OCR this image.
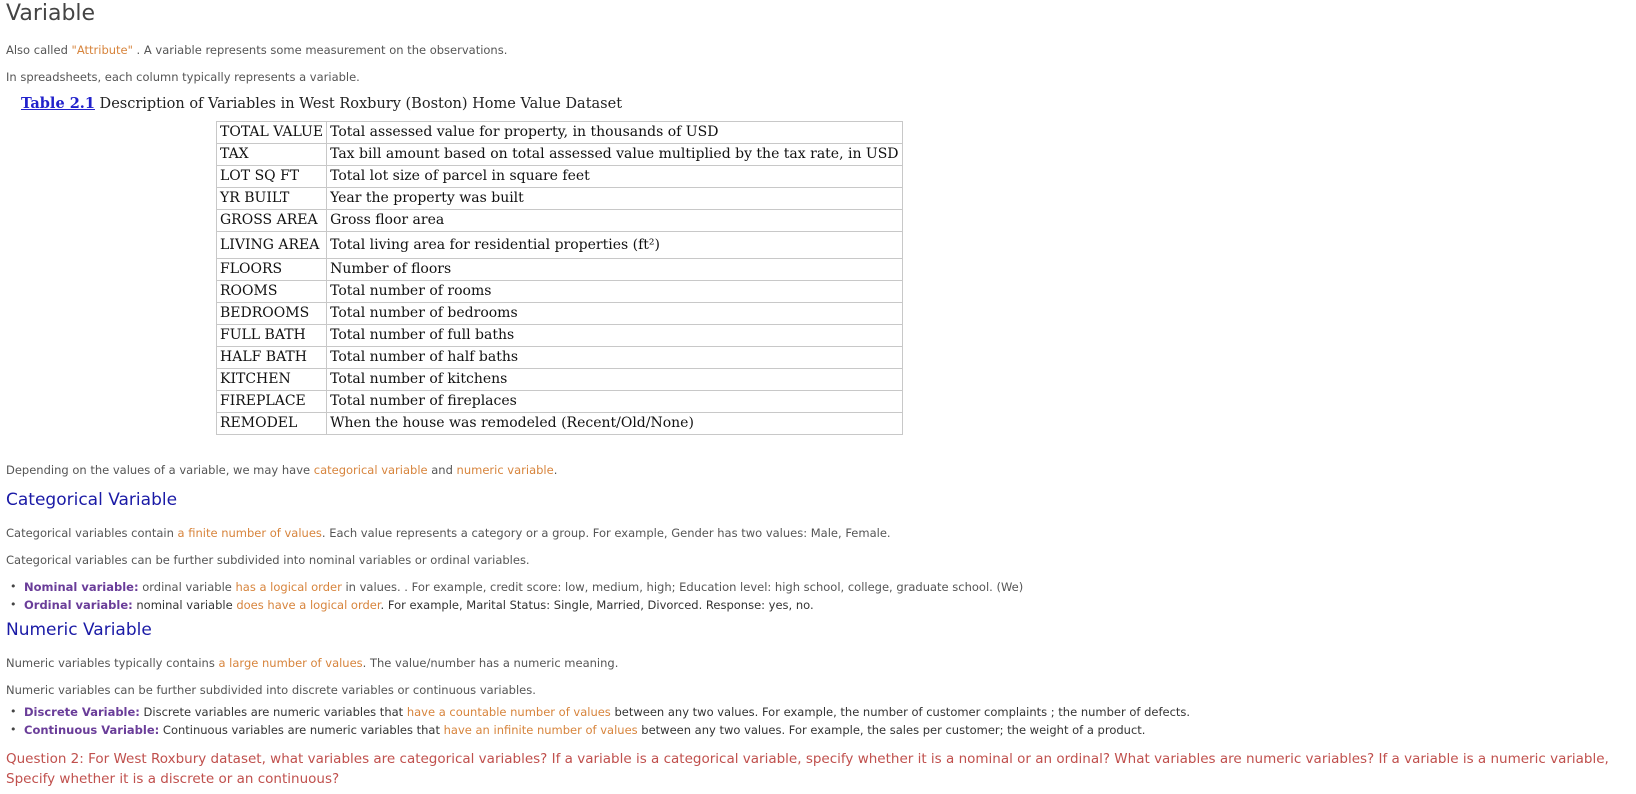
Variable
Also called "Attribute" . A variable represents some measurement on the observations.
In spreadsheets, each column typically represents a variable.
Table 2.1 Description of Variables in West Roxbury (Boston) Home Value Dataset
TOTAL VALUE	Total assessed value for property, in thousands of USD
TAX	Tax bill amount based on total assessed value multiplied by the tax rate, in USD
LOT SQ FT	Total lot size of parcel in square feet
YR BUILT	Year the property was built
GROSS AREA	Gross floor area
LIVING AREA	Total living area for residential properties (ft²)
FLOORS	Number of floors
ROOMS	Total number of rooms
BEDROOMS	Total number of bedrooms
FULL BATH	Total number of full baths
HALF BATH	Total number of half baths
KITCHEN	Total number of kitchens
FIREPLACE	Total number of fireplaces
REMODEL	When the house was remodeled (Recent/Old/None)
Depending on the values of a variable, we may have categorical variable and numeric variable.
Categorical Variable
Categorical variables contain a finite number of values. Each value represents a category or a group. For example, Gender has two values: Male, Female.
Categorical variables can be further subdivided into nominal variables or ordinal variables.
• Nominal variable: ordinal variable has a logical order in values. . For example, credit score: low, medium, high; Education level: high school, college, graduate school. (We)
• Ordinal variable: nominal variable does have a logical order. For example, Marital Status: Single, Married, Divorced. Response: yes, no.
Numeric Variable
Numeric variables typically contains a large number of values. The value/number has a numeric meaning.
Numeric variables can be further subdivided into discrete variables or continuous variables.
• Discrete Variable: Discrete variables are numeric variables that have a countable number of values between any two values. For example, the number of customer complaints ; the number of defects.
• Continuous Variable: Continuous variables are numeric variables that have an infinite number of values between any two values. For example, the sales per customer; the weight of a product.
Question 2: For West Roxbury dataset, what variables are categorical variables? If a variable is a categorical variable, specify whether it is a nominal or an ordinal? What variables are numeric variables? If a variable is a numeric variable, Specify whether it is a discrete or an continuous?
